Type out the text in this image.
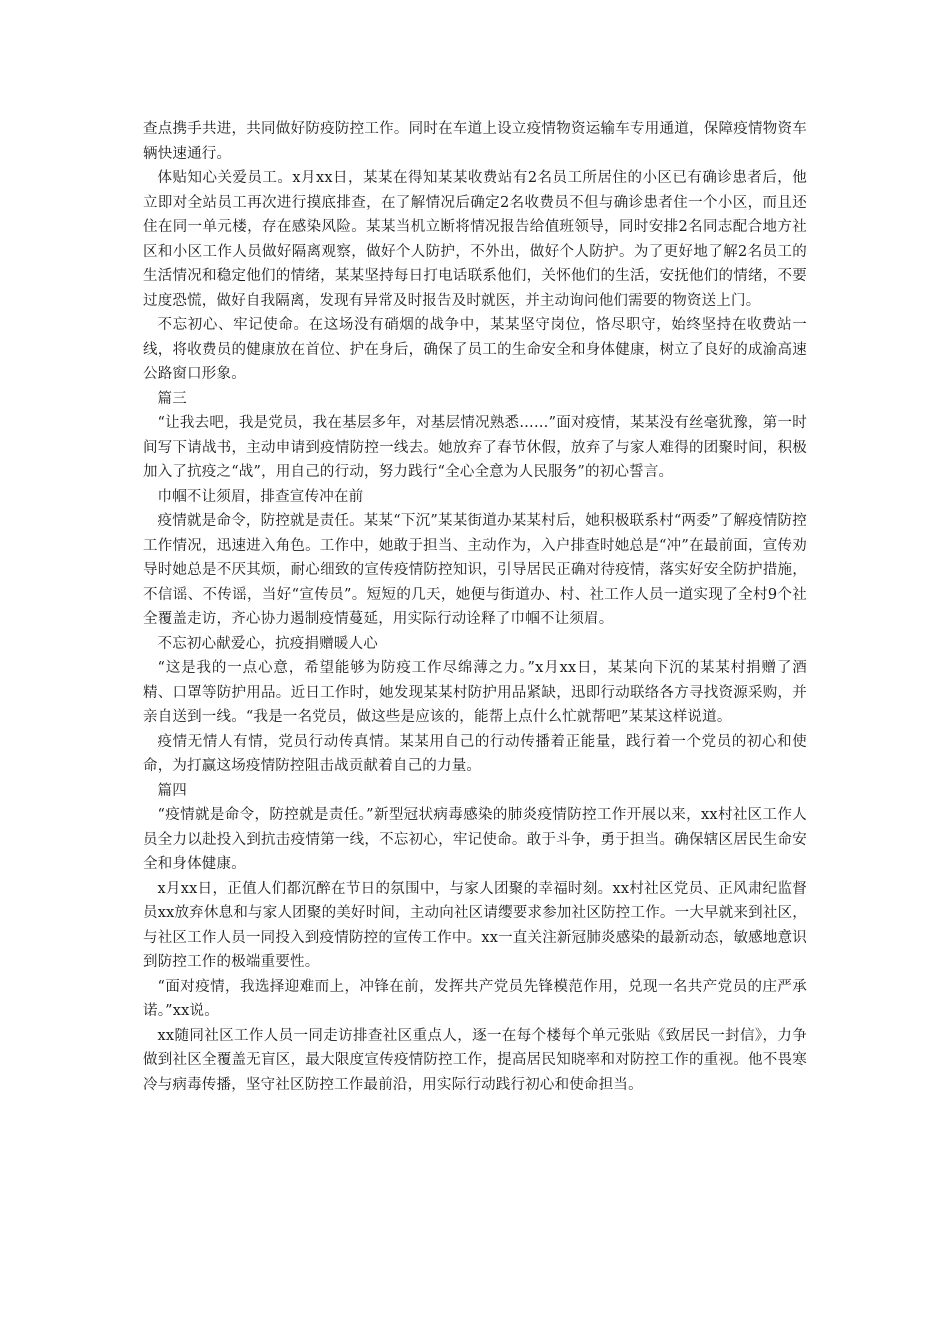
查点携手共进，共同做好防疫防控工作。同时在车道上设立疫情物资运输车专用通道，保障疫情物资车辆快速通行。

体贴知心关爱员工。x月xx日，某某在得知某某收费站有2名员工所居住的小区已有确诊患者后，他立即对全站员工再次进行摸底排查，在了解情况后确定2名收费员不但与确诊患者住一个小区，而且还住在同一单元楼，存在感染风险。某某当机立断将情况报告给值班领导，同时安排2名同志配合地方社区和小区工作人员做好隔离观察，做好个人防护，不外出，做好个人防护。为了更好地了解2名员工的生活情况和稳定他们的情绪，某某坚持每日打电话联系他们，关怀他们的生活，安抚他们的情绪，不要过度恐慌，做好自我隔离，发现有异常及时报告及时就医，并主动询问他们需要的物资送上门。

不忘初心、牢记使命。在这场没有硝烟的战争中，某某坚守岗位，恪尽职守，始终坚持在收费站一线，将收费员的健康放在首位、护在身后，确保了员工的生命安全和身体健康，树立了良好的成渝高速公路窗口形象。

篇三

“让我去吧，我是党员，我在基层多年，对基层情况熟悉……”面对疫情，某某没有丝毫犹豫，第一时间写下请战书，主动申请到疫情防控一线去。她放弃了春节休假，放弃了与家人难得的团聚时间，积极加入了抗疫之“战”，用自己的行动，努力践行“全心全意为人民服务”的初心誓言。

巾帼不让须眉，排查宣传冲在前

疫情就是命令，防控就是责任。某某“下沉”某某街道办某某村后，她积极联系村“两委”了解疫情防控工作情况，迅速进入角色。工作中，她敢于担当、主动作为，入户排查时她总是“冲”在最前面，宣传劝导时她总是不厌其烦，耐心细致的宣传疫情防控知识，引导居民正确对待疫情，落实好安全防护措施，不信谣、不传谣，当好“宣传员”。短短的几天，她便与街道办、村、社工作人员一道实现了全村9个社全覆盖走访，齐心协力遏制疫情蔓延，用实际行动诠释了巾帼不让须眉。

不忘初心献爱心，抗疫捐赠暖人心

“这是我的一点心意，希望能够为防疫工作尽绵薄之力。”x月xx日，某某向下沉的某某村捐赠了酒精、口罩等防护用品。近日工作时，她发现某某村防护用品紧缺，迅即行动联络各方寻找资源采购，并亲自送到一线。“我是一名党员，做这些是应该的，能帮上点什么忙就帮吧”某某这样说道。

疫情无情人有情，党员行动传真情。某某用自己的行动传播着正能量，践行着一个党员的初心和使命，为打赢这场疫情防控阻击战贡献着自己的力量。

篇四

“疫情就是命令，防控就是责任。”新型冠状病毒感染的肺炎疫情防控工作开展以来，xx村社区工作人员全力以赴投入到抗击疫情第一线，不忘初心，牢记使命。敢于斗争，勇于担当。确保辖区居民生命安全和身体健康。

x月xx日，正值人们都沉醉在节日的氛围中，与家人团聚的幸福时刻。xx村社区党员、正风肃纪监督员xx放弃休息和与家人团聚的美好时间，主动向社区请缨要求参加社区防控工作。一大早就来到社区，与社区工作人员一同投入到疫情防控的宣传工作中。xx一直关注新冠肺炎感染的最新动态，敏感地意识到防控工作的极端重要性。

“面对疫情，我选择迎难而上，冲锋在前，发挥共产党员先锋模范作用，兑现一名共产党员的庄严承诺。”xx说。

xx随同社区工作人员一同走访排查社区重点人，逐一在每个楼每个单元张贴《致居民一封信》，力争做到社区全覆盖无盲区，最大限度宣传疫情防控工作，提高居民知晓率和对防控工作的重视。他不畏寒冷与病毒传播，坚守社区防控工作最前沿，用实际行动践行初心和使命担当。
